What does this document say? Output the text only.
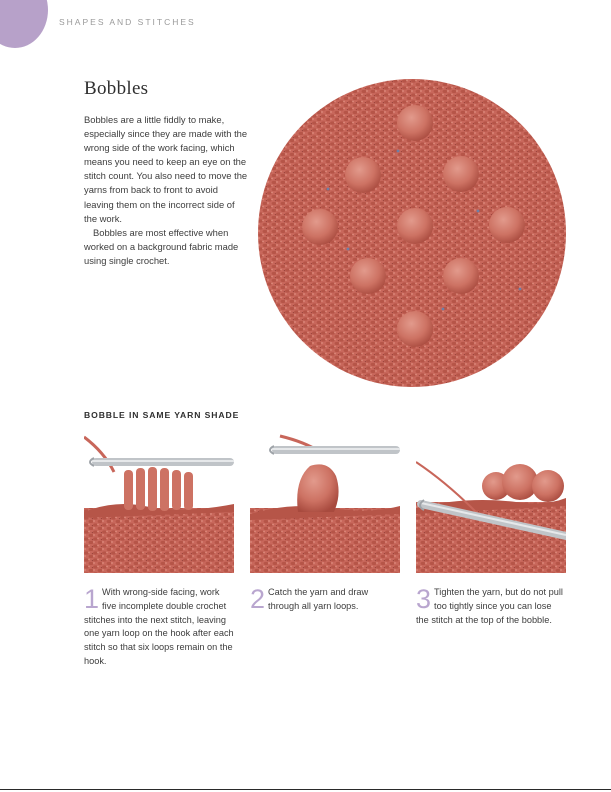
SHAPES AND STITCHES
Bobbles

Bobbles are a little fiddly to make, especially since they are made with the wrong side of the work facing, which means you need to keep an eye on the stitch count. You also need to move the yarns from back to front to avoid leaving them on the incorrect side of the work.

Bobbles are most effective when worked on a background fabric made using single crochet.

BOBBLE IN SAME YARN SHADE
1 With wrong-side facing, work five incomplete double crochet stitches into the next stitch, leaving one yarn loop on the hook after each stitch so that six loops remain on the hook.
2 Catch the yarn and draw through all yarn loops.	3 Tighten the yarn, but do not pull too tightly since you can lose the stitch at the top of the bobble.
